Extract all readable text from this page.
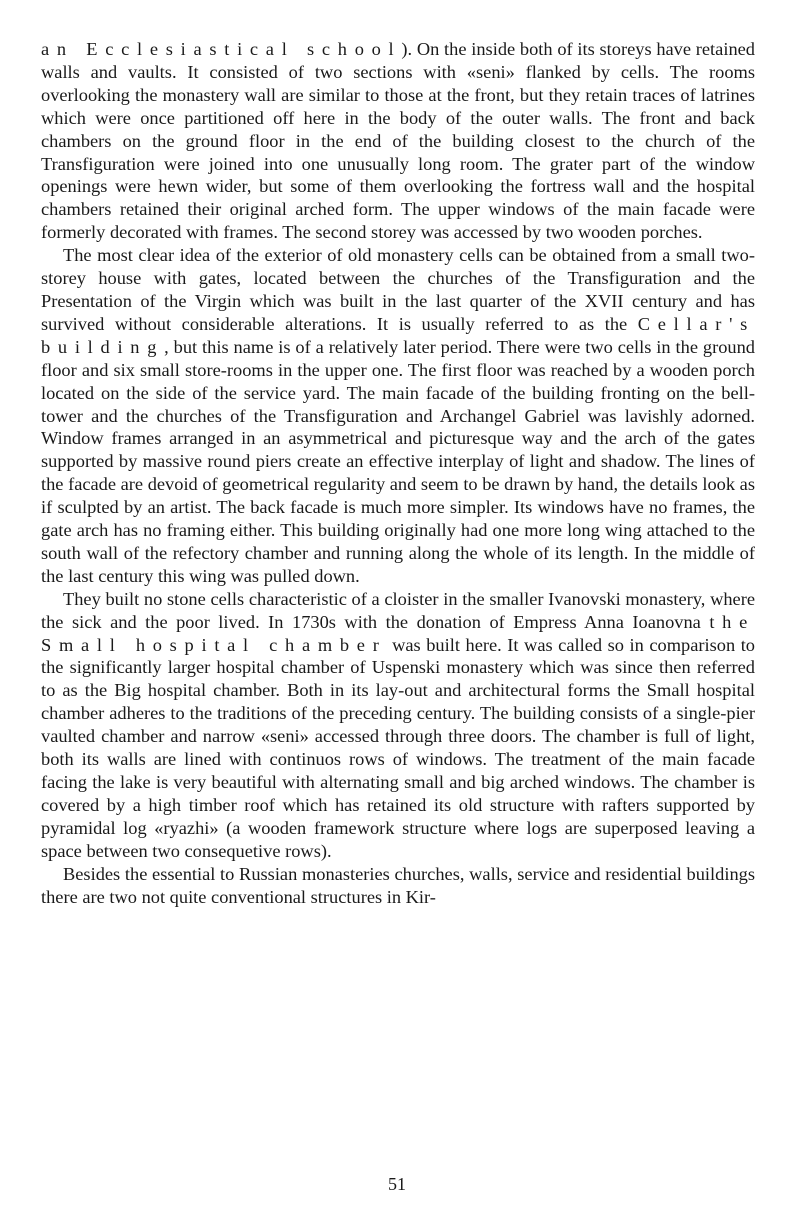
an Ecclesiastical school). On the inside both of its storeys have retained walls and vaults. It consisted of two sections with «seni» flanked by cells. The rooms overlooking the monastery wall are similar to those at the front, but they retain traces of latrines which were once partitioned off here in the body of the outer walls. The front and back chambers on the ground floor in the end of the building closest to the church of the Transfiguration were joined into one unusually long room. The grater part of the window openings were hewn wider, but some of them overlooking the fortress wall and the hospital chambers retained their original arched form. The upper windows of the main facade were formerly decorated with frames. The second storey was accessed by two wooden porches.

The most clear idea of the exterior of old monastery cells can be obtained from a small two-storey house with gates, located between the churches of the Transfiguration and the Presentation of the Virgin which was built in the last quarter of the XVII century and has survived without considerable alterations. It is usually referred to as the Cellar's building, but this name is of a relatively later period. There were two cells in the ground floor and six small store-rooms in the upper one. The first floor was reached by a wooden porch located on the side of the service yard. The main facade of the building fronting on the bell-tower and the churches of the Transfiguration and Archangel Gabriel was lavishly adorned. Window frames arranged in an asymmetrical and picturesque way and the arch of the gates supported by massive round piers create an effective interplay of light and shadow. The lines of the facade are devoid of geometrical regularity and seem to be drawn by hand, the details look as if sculpted by an artist. The back facade is much more simpler. Its windows have no frames, the gate arch has no framing either. This building originally had one more long wing attached to the south wall of the refectory chamber and running along the whole of its length. In the middle of the last century this wing was pulled down.

They built no stone cells characteristic of a cloister in the smaller Ivanovski monastery, where the sick and the poor lived. In 1730s with the donation of Empress Anna Ioanovna the Small hospital chamber was built here. It was called so in comparison to the significantly larger hospital chamber of Uspenski monastery which was since then referred to as the Big hospital chamber. Both in its lay-out and architectural forms the Small hospital chamber adheres to the traditions of the preceding century. The building consists of a single-pier vaulted chamber and narrow «seni» accessed through three doors. The chamber is full of light, both its walls are lined with continuos rows of windows. The treatment of the main facade facing the lake is very beautiful with alternating small and big arched windows. The chamber is covered by a high timber roof which has retained its old structure with rafters supported by pyramidal log «ryazhi» (a wooden framework structure where logs are superposed leaving a space between two consequetive rows).

Besides the essential to Russian monasteries churches, walls, service and residential buildings there are two not quite conventional structures in Kir-

51
